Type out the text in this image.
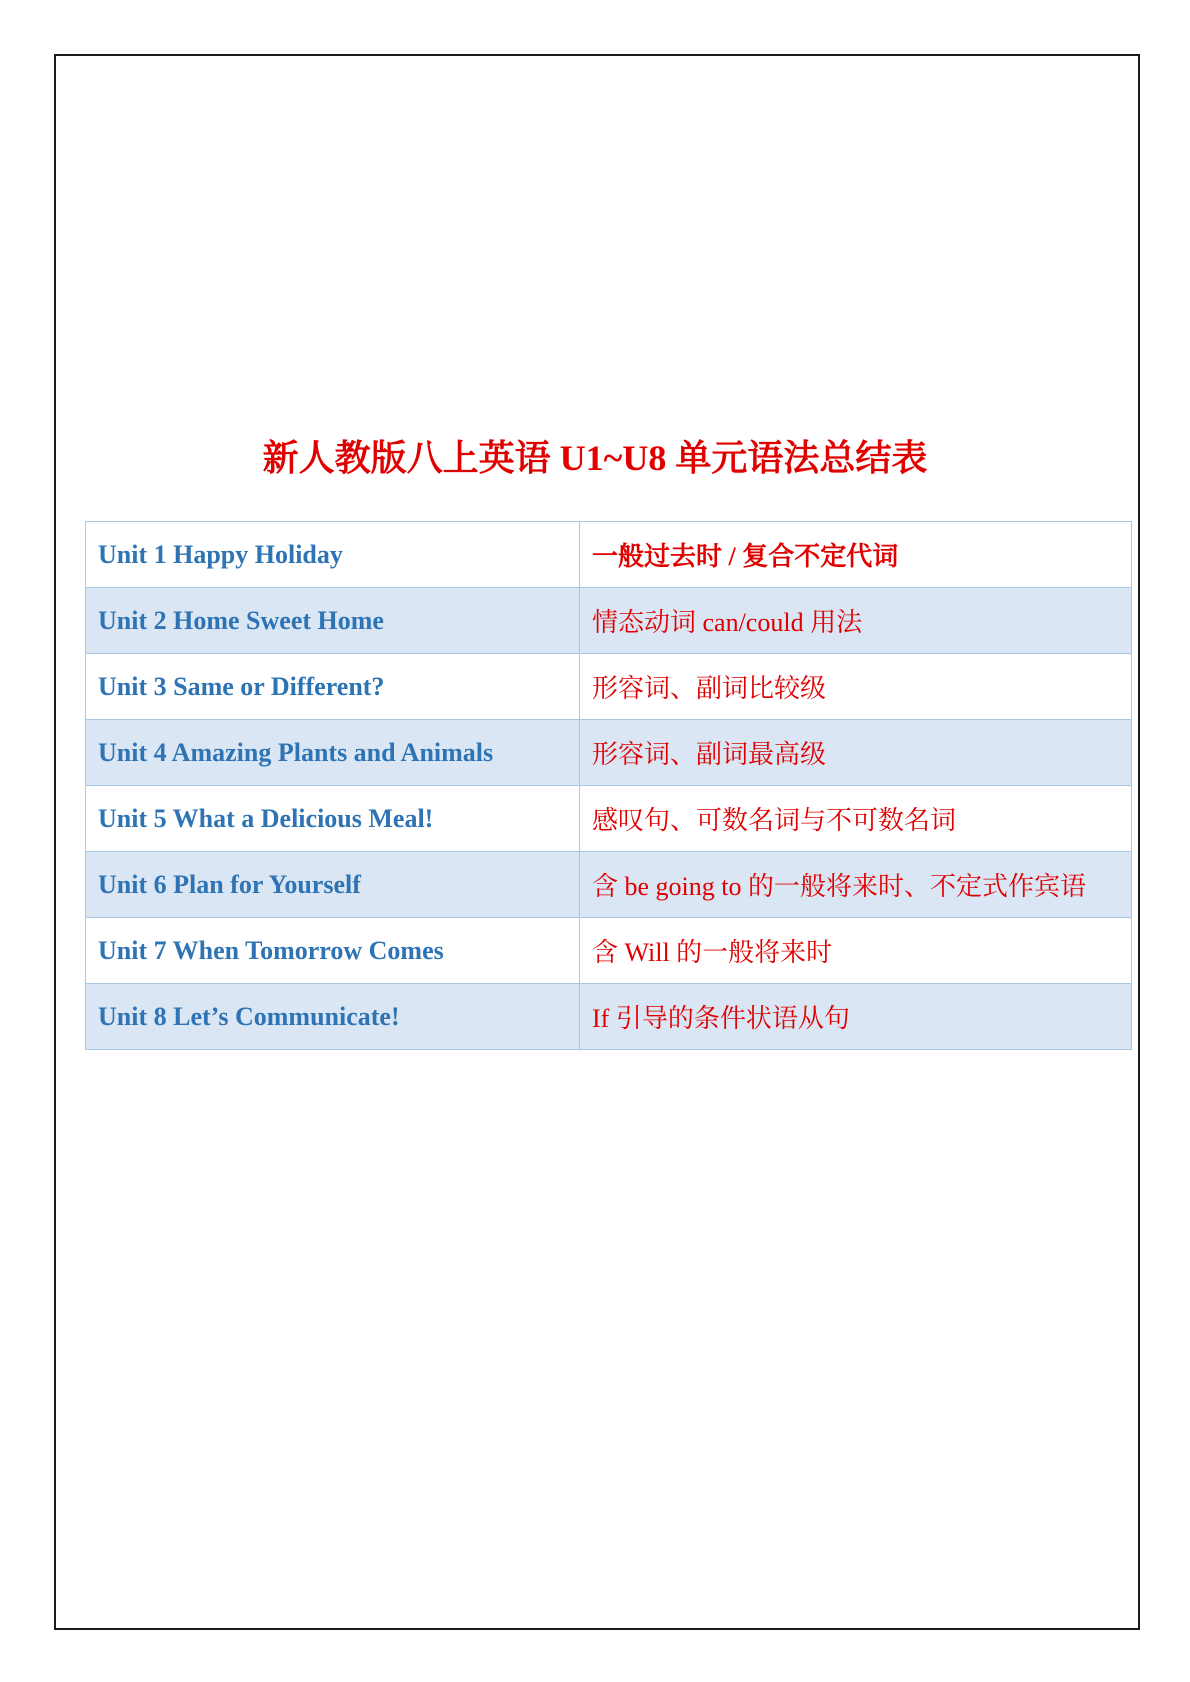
新人教版八上英语 U1~U8 单元语法总结表
Unit 1 Happy Holiday	一般过去时 / 复合不定代词
Unit 2 Home Sweet Home	情态动词 can/could 用法
Unit 3 Same or Different?	形容词、副词比较级
Unit 4 Amazing Plants and Animals	形容词、副词最高级
Unit 5 What a Delicious Meal!	感叹句、可数名词与不可数名词
Unit 6 Plan for Yourself	含 be going to 的一般将来时、不定式作宾语
Unit 7 When Tomorrow Comes	含 Will 的一般将来时
Unit 8 Let’s Communicate!	If 引导的条件状语从句
